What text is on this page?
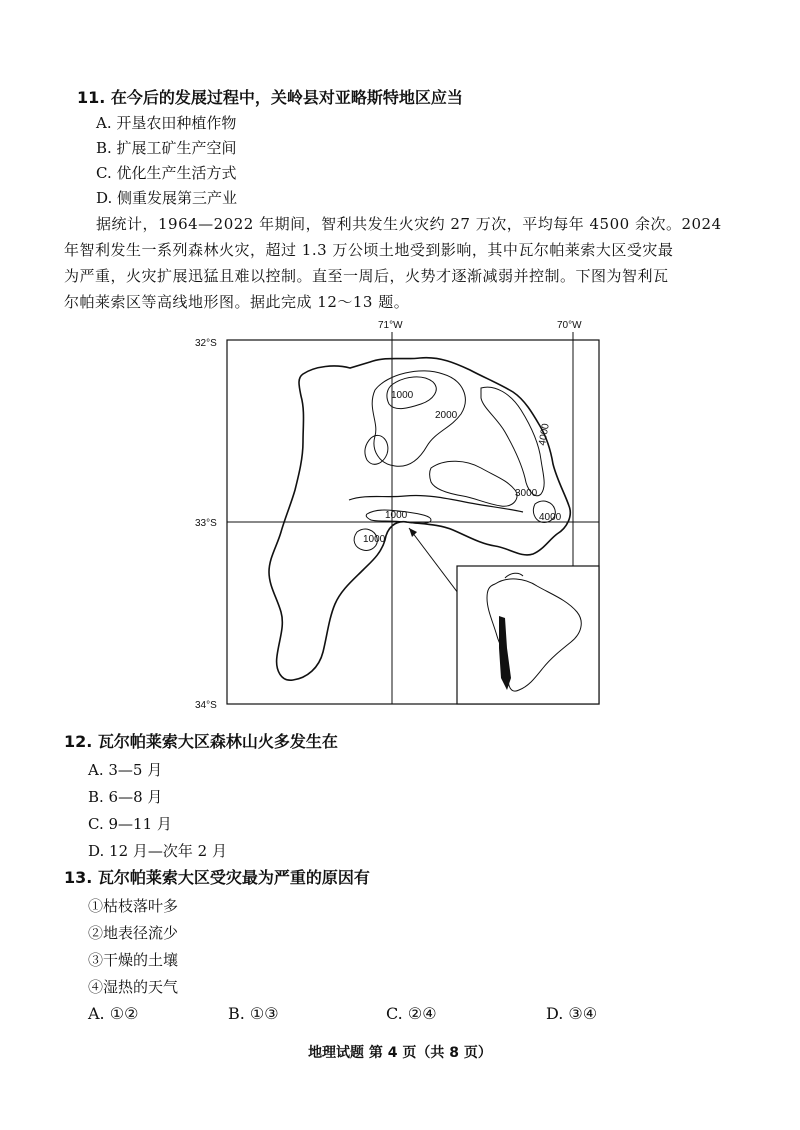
11. 在今后的发展过程中，关岭县对亚略斯特地区应当
A. 开垦农田种植作物
B. 扩展工矿生产空间
C. 优化生产生活方式
D. 侧重发展第三产业
据统计，1964—2022 年期间，智利共发生火灾约 27 万次，平均每年 4500 余次。2024
年智利发生一系列森林火灾，超过 1.3 万公顷土地受到影响，其中瓦尔帕莱索大区受灾最
为严重，火灾扩展迅猛且难以控制。直至一周后，火势才逐渐减弱并控制。下图为智利瓦
尔帕莱索区等高线地形图。据此完成 12～13 题。
71°W	70°W
32°S
33°S
34°S
1000
2000
4000
3000
4000
1000
1000
12. 瓦尔帕莱索大区森林山火多发生在
A. 3—5 月
B. 6—8 月
C. 9—11 月
D. 12 月—次年 2 月
13. 瓦尔帕莱索大区受灾最为严重的原因有
①枯枝落叶多
②地表径流少
③干燥的土壤
④湿热的天气
A. ①②	B. ①③	C. ②④	D. ③④
地理试题 第 4 页（共 8 页）
